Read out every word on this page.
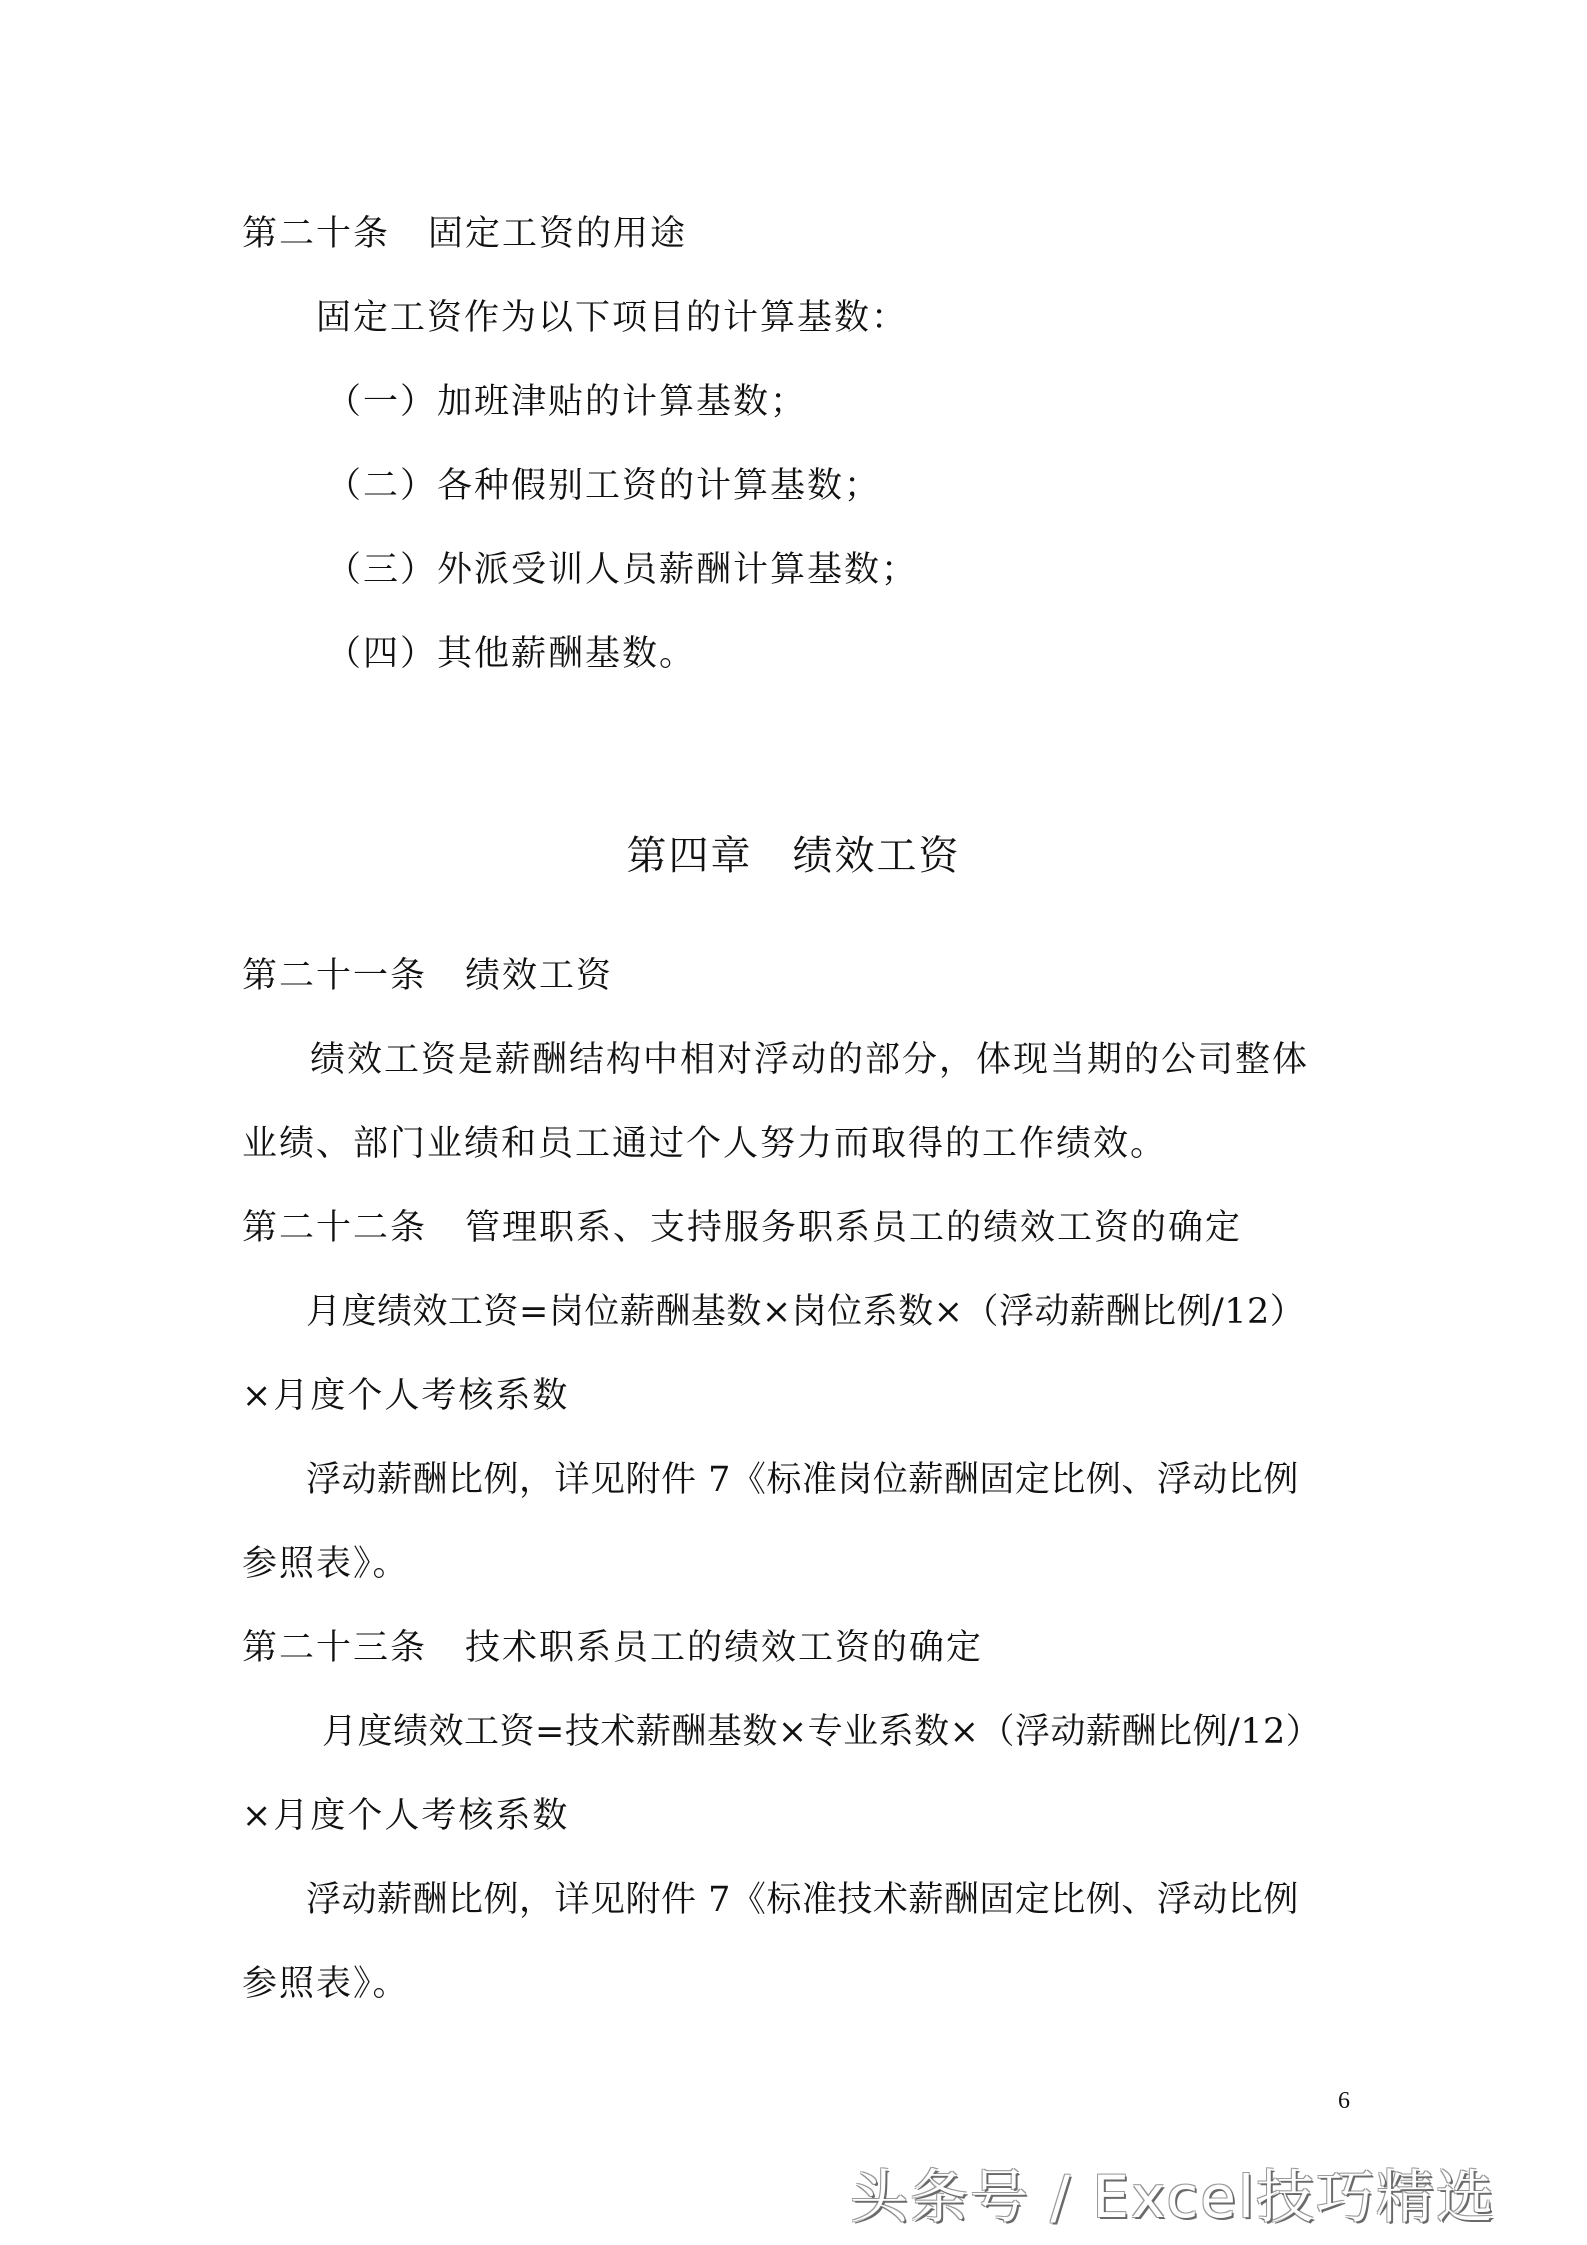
第二十条 固定工资的用途
固定工资作为以下项目的计算基数：
（一）加班津贴的计算基数；
（二）各种假别工资的计算基数；
（三）外派受训人员薪酬计算基数；
（四）其他薪酬基数。
第四章 绩效工资
第二十一条 绩效工资
绩效工资是薪酬结构中相对浮动的部分，体现当期的公司整体
业绩、部门业绩和员工通过个人努力而取得的工作绩效。
第二十二条 管理职系、支持服务职系员工的绩效工资的确定
月度绩效工资=岗位薪酬基数×岗位系数×（浮动薪酬比例/12）
×月度个人考核系数
浮动薪酬比例，详见附件 7《标准岗位薪酬固定比例、浮动比例
参照表》。
第二十三条 技术职系员工的绩效工资的确定
月度绩效工资=技术薪酬基数×专业系数×（浮动薪酬比例/12）
×月度个人考核系数
浮动薪酬比例，详见附件 7《标准技术薪酬固定比例、浮动比例
参照表》。
6
头条号 / Excel技巧精选
